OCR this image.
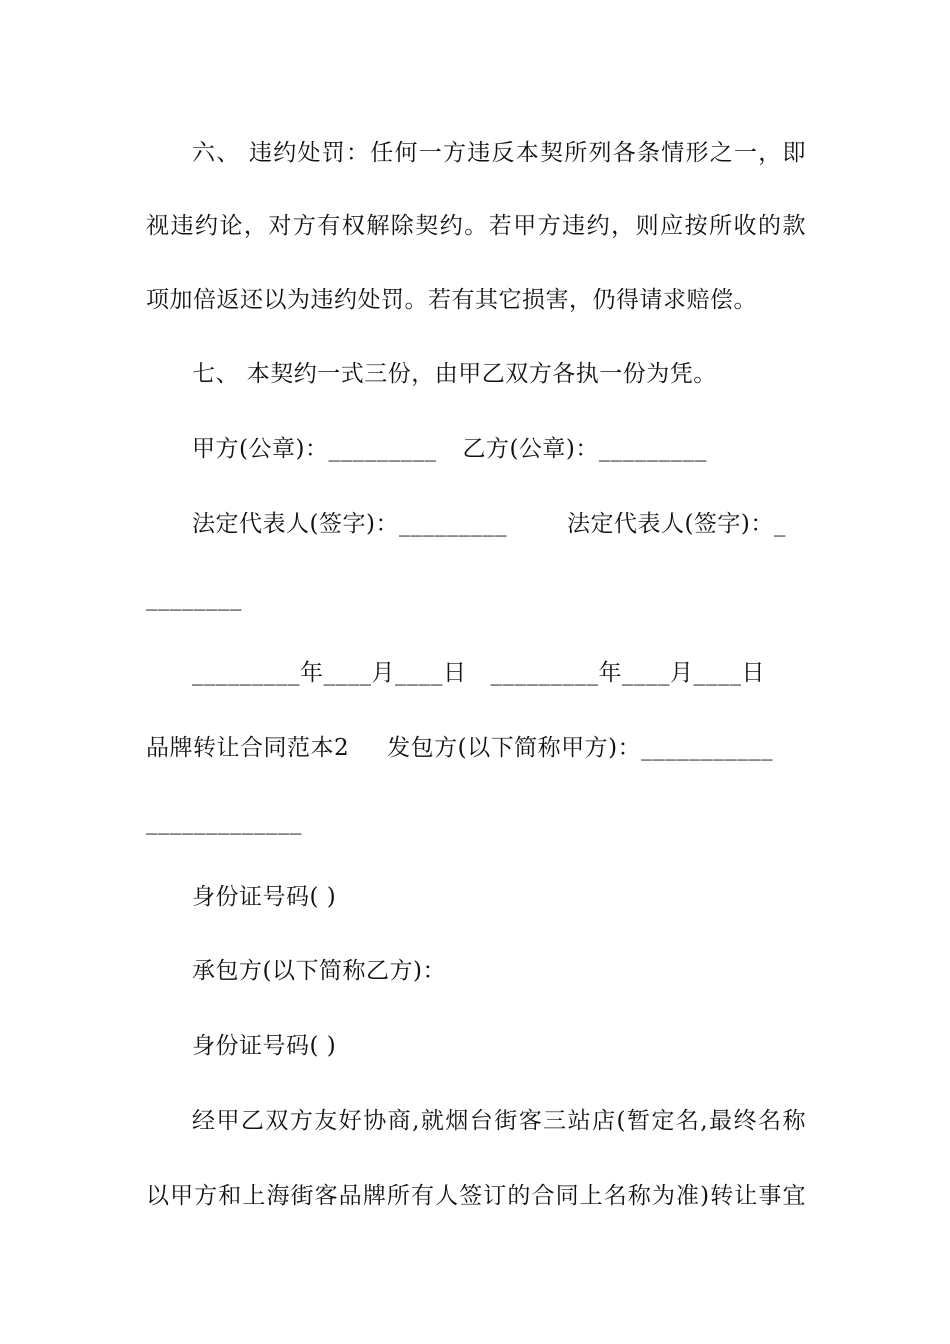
六、 违约处罚：任何一方违反本契所列各条情形之一，即
视违约论，对方有权解除契约。若甲方违约，则应按所收的款
项加倍返还以为违约处罚。若有其它损害，仍得请求赔偿。
七、 本契约一式三份，由甲乙双方各执一份为凭。
甲方(公章)：_________ 乙方(公章)：_________
法定代表人(签字)：_________	法定代表人(签字)：_
________
_________年____月____日 _________年____月____日
品牌转让合同范本2 发包方(以下简称甲方)：___________
_____________
身份证号码( )
承包方(以下简称乙方)：
身份证号码( )
经甲乙双方友好协商,就烟台街客三站店(暂定名,最终名称
以甲方和上海街客品牌所有人签订的合同上名称为准)转让事宜
